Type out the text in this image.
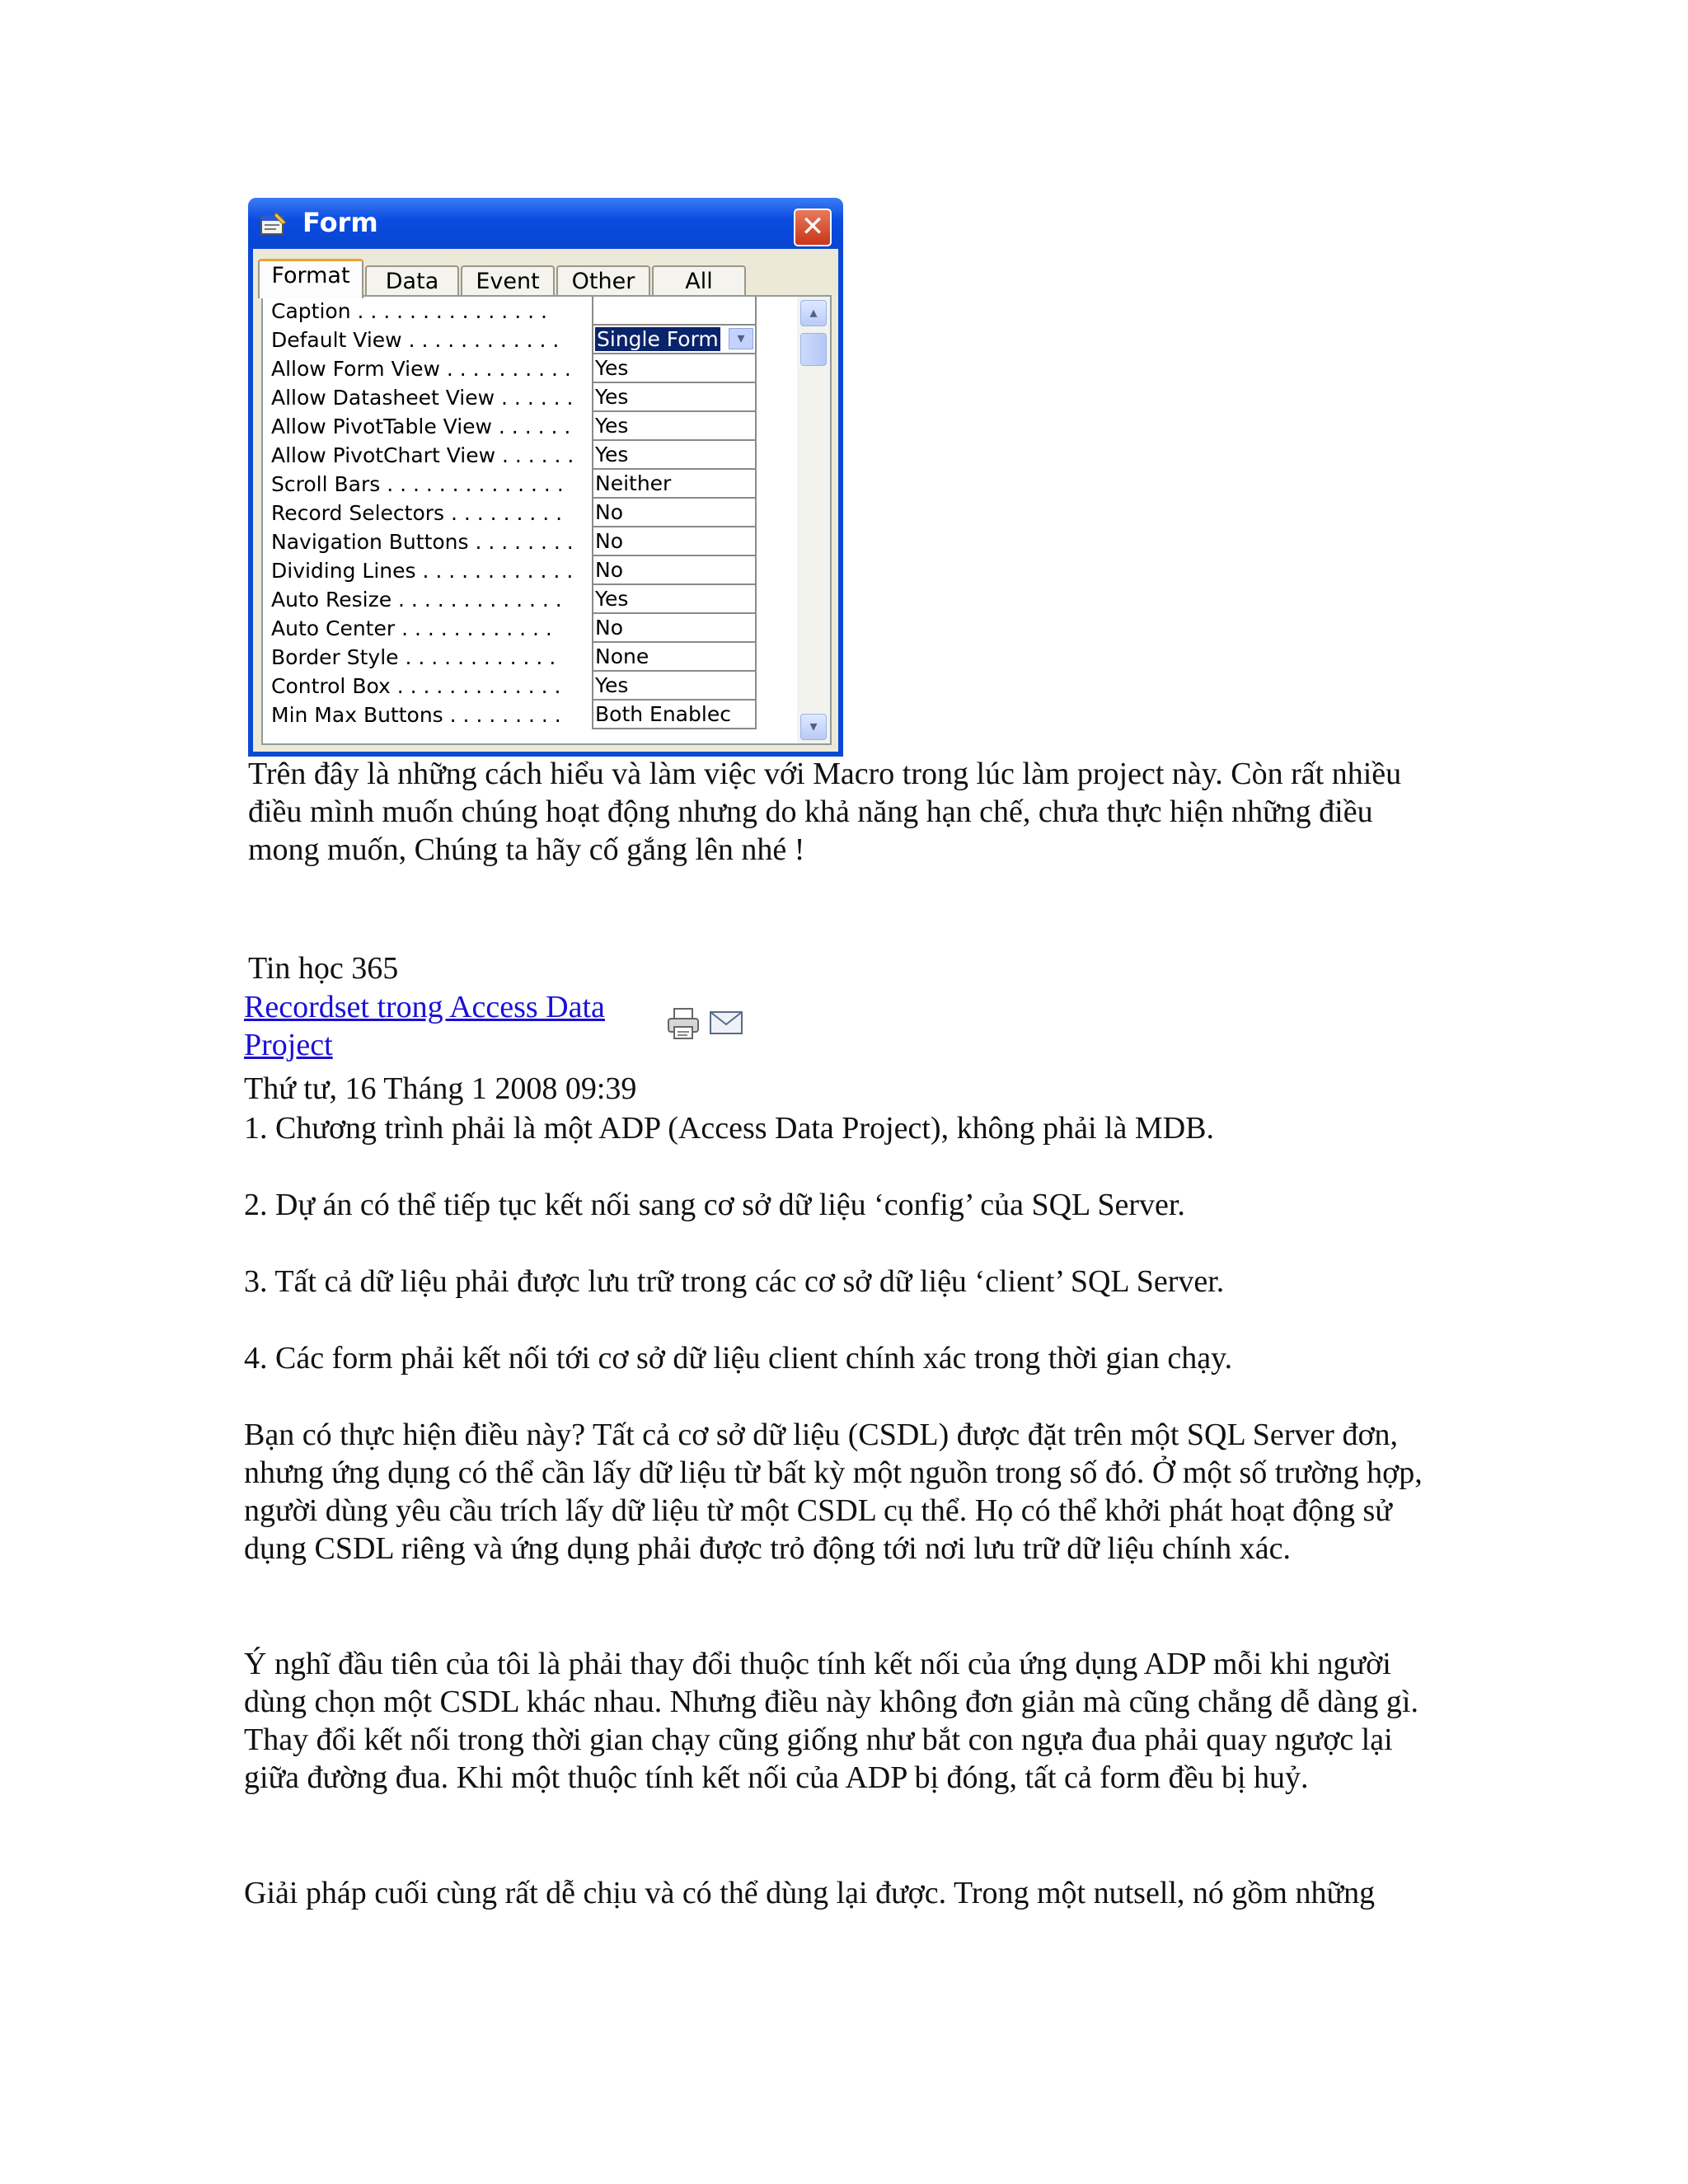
Form	✕
Format	Data	Event	Other	All
Caption . . . . . . . . . . . . . . .
Default View . . . . . . . . . . . .	Single Form	▾
Allow Form View . . . . . . . . . .	Yes
Allow Datasheet View . . . . . .	Yes
Allow PivotTable View . . . . . .	Yes
Allow PivotChart View . . . . . .	Yes
Scroll Bars . . . . . . . . . . . . . .	Neither
Record Selectors . . . . . . . . .	No
Navigation Buttons . . . . . . . .	No
Dividing Lines . . . . . . . . . . . .	No
Auto Resize . . . . . . . . . . . . .	Yes
Auto Center . . . . . . . . . . . .	No
Border Style . . . . . . . . . . . .	None
Control Box . . . . . . . . . . . . .	Yes
Min Max Buttons . . . . . . . . .	Both Enablec
▴
▾

Trên đây là những cách hiểu và làm việc với Macro trong lúc làm project này. Còn rất nhiều điều mình muốn chúng hoạt động nhưng do khả năng hạn chế, chưa thực hiện những điều mong muốn, Chúng ta hãy cố gắng lên nhé !

Tin học 365
Recordset trong Access Data
Project
Thứ tư, 16 Tháng 1 2008 09:39

1. Chương trình phải là một ADP (Access Data Project), không phải là MDB.

2. Dự án có thể tiếp tục kết nối sang cơ sở dữ liệu ‘config’ của SQL Server.

3. Tất cả dữ liệu phải được lưu trữ trong các cơ sở dữ liệu ‘client’ SQL Server.

4. Các form phải kết nối tới cơ sở dữ liệu client chính xác trong thời gian chạy.

Bạn có thực hiện điều này? Tất cả cơ sở dữ liệu (CSDL) được đặt trên một SQL Server đơn, nhưng ứng dụng có thể cần lấy dữ liệu từ bất kỳ một nguồn trong số đó. Ở một số trường hợp, người dùng yêu cầu trích lấy dữ liệu từ một CSDL cụ thể. Họ có thể khởi phát hoạt động sử dụng CSDL riêng và ứng dụng phải được trỏ động tới nơi lưu trữ dữ liệu chính xác.

Ý nghĩ đầu tiên của tôi là phải thay đổi thuộc tính kết nối của ứng dụng ADP mỗi khi người dùng chọn một CSDL khác nhau. Nhưng điều này không đơn giản mà cũng chẳng dễ dàng gì. Thay đổi kết nối trong thời gian chạy cũng giống như bắt con ngựa đua phải quay ngược lại giữa đường đua. Khi một thuộc tính kết nối của ADP bị đóng, tất cả form đều bị huỷ.

Giải pháp cuối cùng rất dễ chịu và có thể dùng lại được. Trong một nutsell, nó gồm những
